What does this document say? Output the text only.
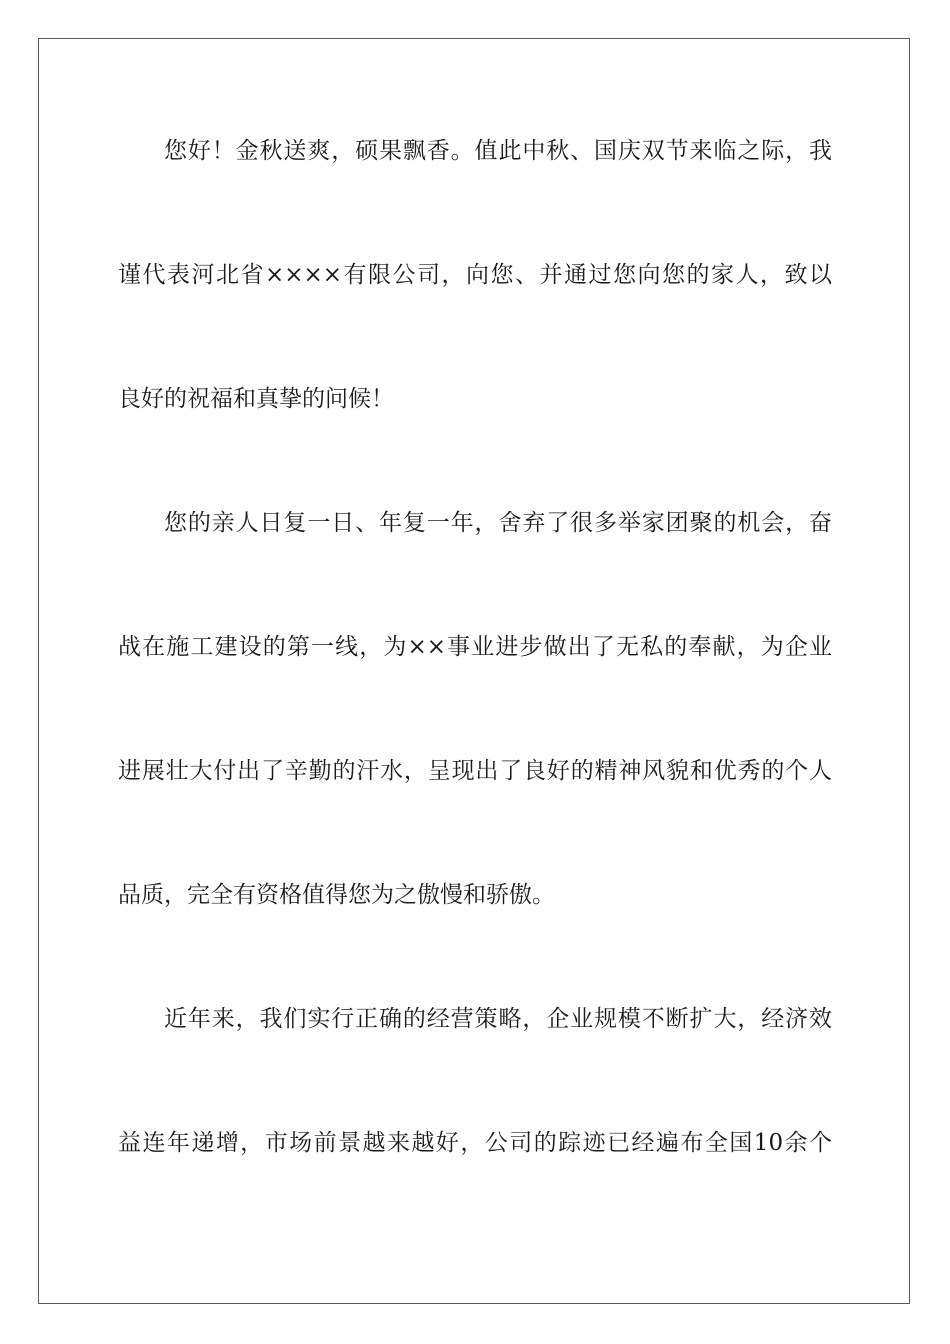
您好！金秋送爽，硕果飘香。值此中秋、国庆双节来临之际，我
谨代表河北省××××有限公司，向您、并通过您向您的家人，致以
良好的祝福和真挚的问候！
您的亲人日复一日、年复一年，舍弃了很多举家团聚的机会，奋
战在施工建设的第一线，为××事业进步做出了无私的奉献，为企业
进展壮大付出了辛勤的汗水，呈现出了良好的精神风貌和优秀的个人
品质，完全有资格值得您为之傲慢和骄傲。
近年来，我们实行正确的经营策略，企业规模不断扩大，经济效
益连年递增，市场前景越来越好，公司的踪迹已经遍布全国10余个
